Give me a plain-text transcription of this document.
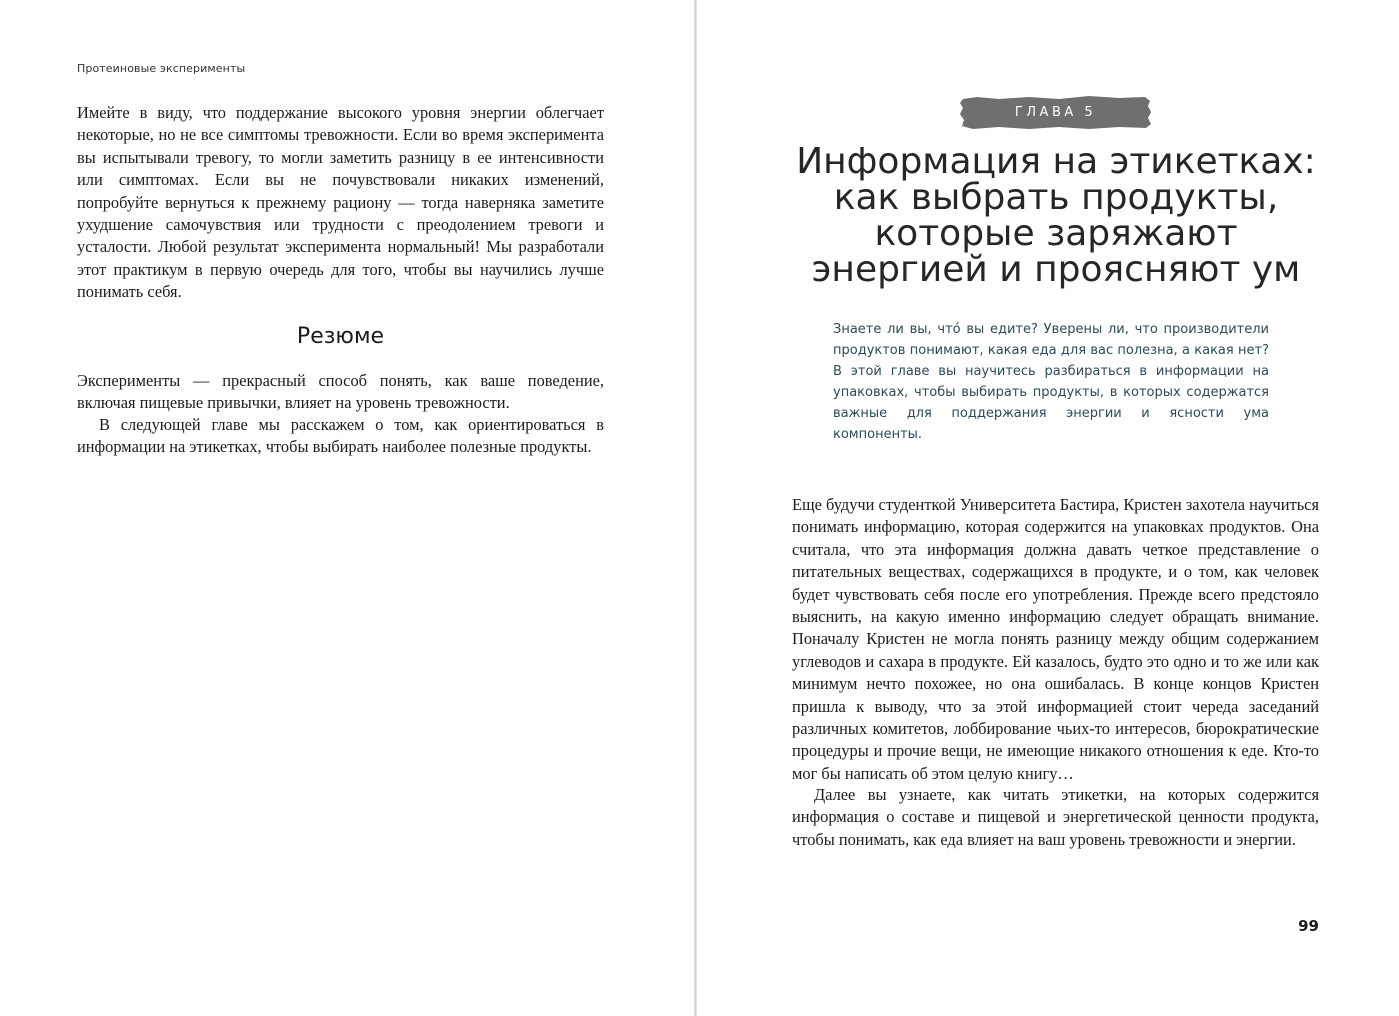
Протеиновые эксперименты

Имейте в виду, что поддержание высокого уровня энергии облегчает некоторые, но не все симптомы тревожности. Если во время эксперимента вы испытывали тревогу, то могли заметить разницу в ее интенсивности или симптомах. Если вы не почувствовали никаких изменений, попробуйте вернуться к прежнему рациону — тогда наверняка заметите ухудшение самочувствия или трудности с преодолением тревоги и усталости. Любой результат эксперимента нормальный! Мы разработали этот практикум в первую очередь для того, чтобы вы научились лучше понимать себя.

Резюме

Эксперименты — прекрасный способ понять, как ваше поведение, включая пищевые привычки, влияет на уровень тревожности.

В следующей главе мы расскажем о том, как ориентироваться в информации на этикетках, чтобы выбирать наиболее полезные продукты.

ГЛАВА 5
Информация на этикетках:
как выбрать продукты,
которые заряжают
энергией и проясняют ум

Знаете ли вы, что́ вы едите? Уверены ли, что производители продуктов понимают, какая еда для вас полезна, а какая нет? В этой главе вы научитесь разбираться в информации на упаковках, чтобы выбирать продукты, в которых содержатся важные для поддержания энергии и ясности ума компоненты.

Еще будучи студенткой Университета Бастира, Кристен захотела научиться понимать информацию, которая содержится на упаковках продуктов. Она считала, что эта информация должна давать четкое представление о питательных веществах, содержащихся в продукте, и о том, как человек будет чувствовать себя после его употребления. Прежде всего предстояло выяснить, на какую именно информацию следует обращать внимание. Поначалу Кристен не могла понять разницу между общим содержанием углеводов и сахара в продукте. Ей казалось, будто это одно и то же или как минимум нечто похожее, но она ошибалась. В конце концов Кристен пришла к выводу, что за этой информацией стоит череда заседаний различных комитетов, лоббирование чьих-то интересов, бюрократические процедуры и прочие вещи, не имеющие никакого отношения к еде. Кто-то мог бы написать об этом целую книгу…

Далее вы узнаете, как читать этикетки, на которых содержится информация о составе и пищевой и энергетической ценности продукта, чтобы понимать, как еда влияет на ваш уровень тревожности и энергии.

99
